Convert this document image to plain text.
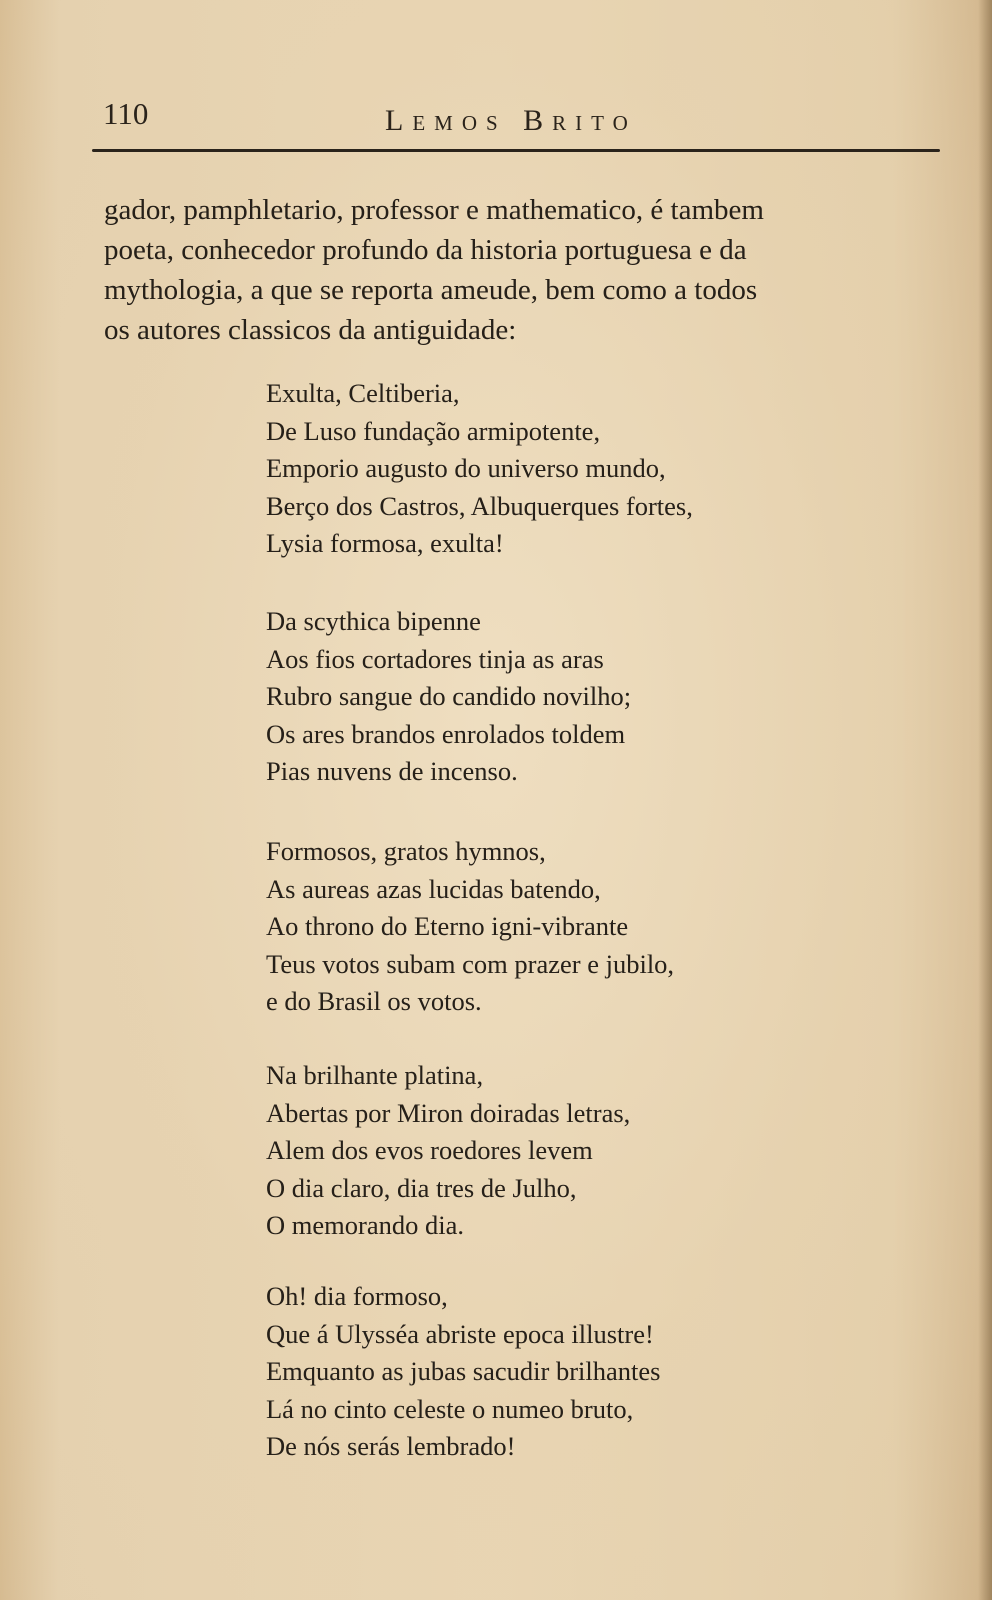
110	Lemos Brito

gador, pamphletario, professor e mathematico, é tambem

poeta, conhecedor profundo da historia portuguesa e da

mythologia, a que se reporta ameude, bem como a todos

os autores classicos da antiguidade:

Exulta, Celtiberia,

De Luso fundação armipotente,

Emporio augusto do universo mundo,

Berço dos Castros, Albuquerques fortes,

Lysia formosa, exulta!

Da scythica bipenne

Aos fios cortadores tinja as aras

Rubro sangue do candido novilho;

Os ares brandos enrolados toldem

Pias nuvens de incenso.

Formosos, gratos hymnos,

As aureas azas lucidas batendo,

Ao throno do Eterno igni-vibrante

Teus votos subam com prazer e jubilo,

e do Brasil os votos.

Na brilhante platina,

Abertas por Miron doiradas letras,

Alem dos evos roedores levem

O dia claro, dia tres de Julho,

O memorando dia.

Oh! dia formoso,

Que á Ulysséa abriste epoca illustre!

Emquanto as jubas sacudir brilhantes

Lá no cinto celeste o numeo bruto,

De nós serás lembrado!
